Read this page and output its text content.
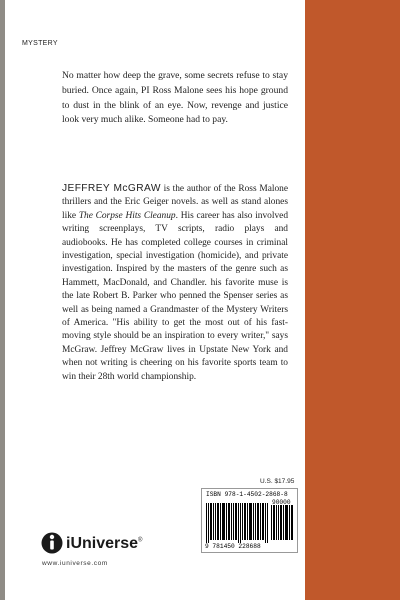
MYSTERY

No matter how deep the grave, some secrets refuse to stay buried. Once again, PI Ross Malone sees his hope ground to dust in the blink of an eye. Now, revenge and justice look very much alike. Someone had to pay.

JEFFREY McGRAW is the author of the Ross Malone thrillers and the Eric Geiger novels. as well as stand alones like The Corpse Hits Cleanup. His career has also involved writing screenplays, TV scripts, radio plays and audiobooks. He has completed college courses in criminal investigation, special investigation (homicide), and private investigation. Inspired by the masters of the genre such as Hammett, MacDonald, and Chandler. his favorite muse is the late Robert B. Parker who penned the Spenser series as well as being named a Grandmaster of the Mystery Writers of America. "His ability to get the most out of his fast-moving style should be an inspiration to every writer," says McGraw. Jeffrey McGraw lives in Upstate New York and when not writing is cheering on his favorite sports team to win their 28th world championship.

U.S. $17.95
ISBN 978-1-4502-2868-8
90000
9 781450 228688
iUniverse®
www.iuniverse.com
